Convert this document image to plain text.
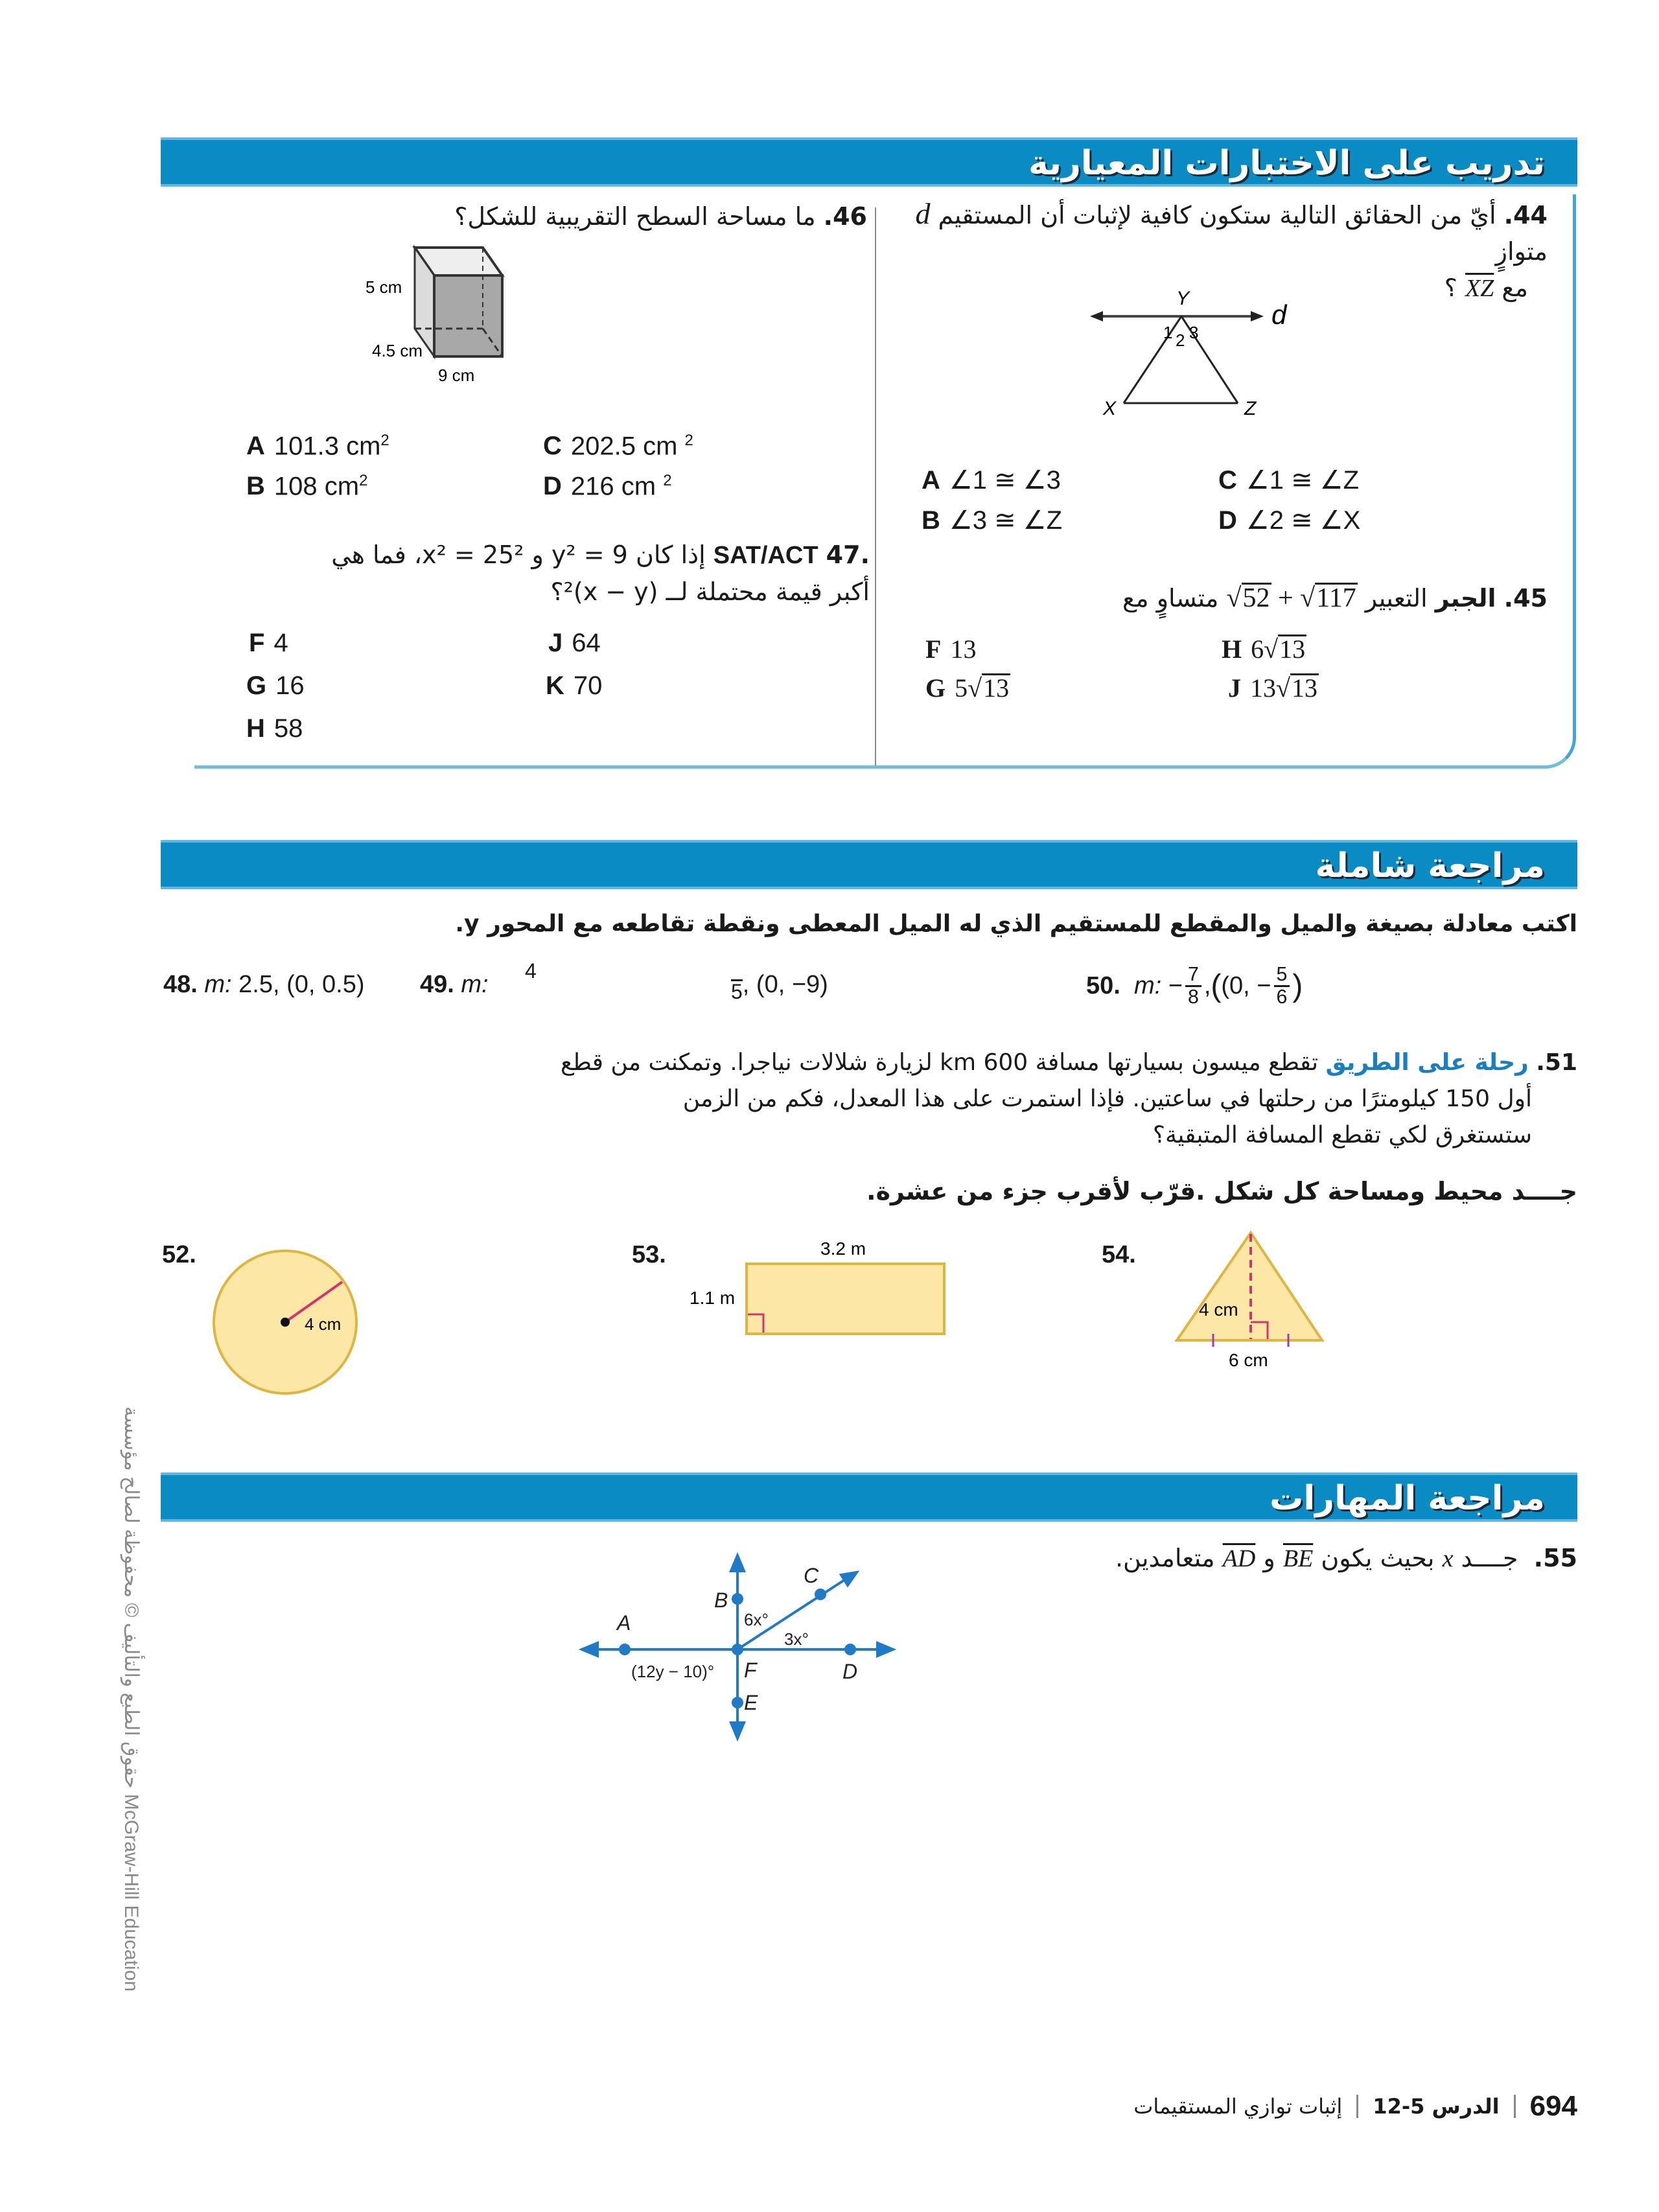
تدريب على الاختبارات المعيارية
44. أيّ من الحقائق التالية ستكون كافية لإثبات أن المستقيم d متوازٍ
مع XZ ؟
Y
d
1 2 3
X	Z
A ∠1 ≅ ∠3
B ∠3 ≅ ∠Z
C ∠1 ≅ ∠Z
D ∠2 ≅ ∠X
45. الجبر التعبير √52 + √117 متساوٍ مع
F 13
G 5√13
H 6√13
J 13√13
46. ما مساحة السطح التقريبية للشكل؟
5 cm
4.5 cm
9 cm
A 101.3 $cm^2$
B 108 $cm^2$
C 202.5 cm $^2$
D 216 cm $^2$
.47 SAT/ACT إذا كان 9 = y² و 25² = x²، فما هي
أكبر قيمة محتملة لــ (x − y)²؟
F 4
G 16
H 58
J 64
K 70
مراجعة شاملة
اكتب معادلة بصيغة والميل والمقطع للمستقيم الذي له الميل المعطى ونقطة تقاطعه مع المحور y.
48. m: 2.5, (0, 0.5) 49. m: 4
5, (0, −9)	50.
m:
− $\frac{7}{8}$ , ( (0, − $\frac{5}{6}$ )
51. رحلة على الطريق تقطع ميسون بسيارتها مسافة 600 km لزيارة شلالات نياجرا. وتمكنت من قطع
أول 150 كيلومترًا من رحلتها في ساعتين. فإذا استمرت على هذا المعدل، فكم من الزمن
ستستغرق لكي تقطع المسافة المتبقية؟
جــــد محيط ومساحة كل شكل .قرّب لأقرب جزء من عشرة.
52.
4 cm
53.	3.2 m
1.1 m
54.
4 cm
6 cm
مراجعة المهارات
55.  جــــد x بحيث يكون BE و AD متعامدين.
A
B
C
D
E
F
6x°
3x°
(12y − 10)°
حقوق الطبع والتأليف © محفوظة لصالح مؤسسة McGraw-Hill Education
694
الدرس 5-12
إثبات توازي المستقيمات
